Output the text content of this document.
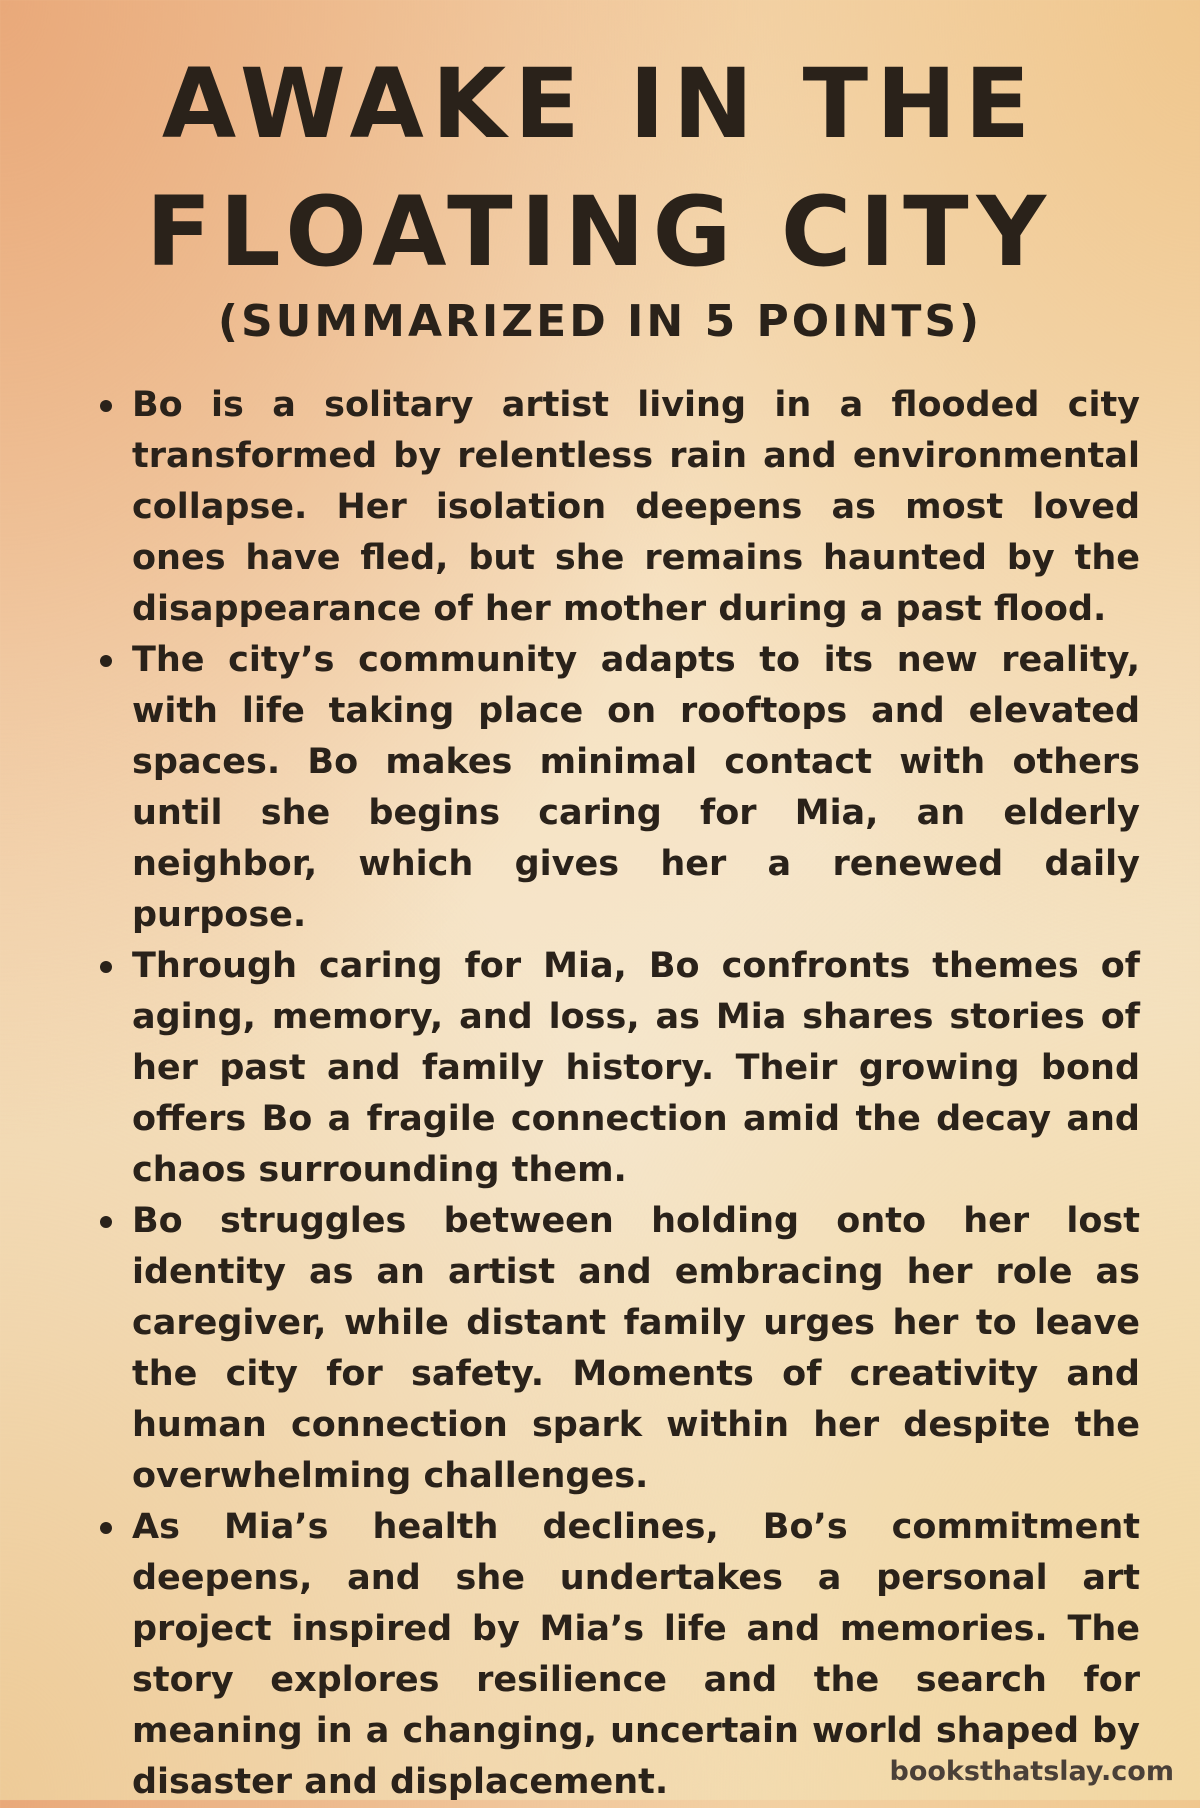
AWAKE IN THE
FLOATING CITY
(SUMMARIZED IN 5 POINTS)
Bo is a solitary artist living in a flooded city transformed by relentless rain and environmental collapse. Her isolation deepens as most loved ones have fled, but she remains haunted by the disappearance of her mother during a past flood.
The city’s community adapts to its new reality, with life taking place on rooftops and elevated spaces. Bo makes minimal contact with others until she begins caring for Mia, an elderly neighbor, which gives her a renewed daily purpose.
Through caring for Mia, Bo confronts themes of aging, memory, and loss, as Mia shares stories of her past and family history. Their growing bond offers Bo a fragile connection amid the decay and chaos surrounding them.
Bo struggles between holding onto her lost identity as an artist and embracing her role as caregiver, while distant family urges her to leave the city for safety. Moments of creativity and human connection spark within her despite the overwhelming challenges.
As Mia’s health declines, Bo’s commitment deepens, and she undertakes a personal art project inspired by Mia’s life and memories. The story explores resilience and the search for meaning in a changing, uncertain world shaped by disaster and displacement.	booksthatslay.com
